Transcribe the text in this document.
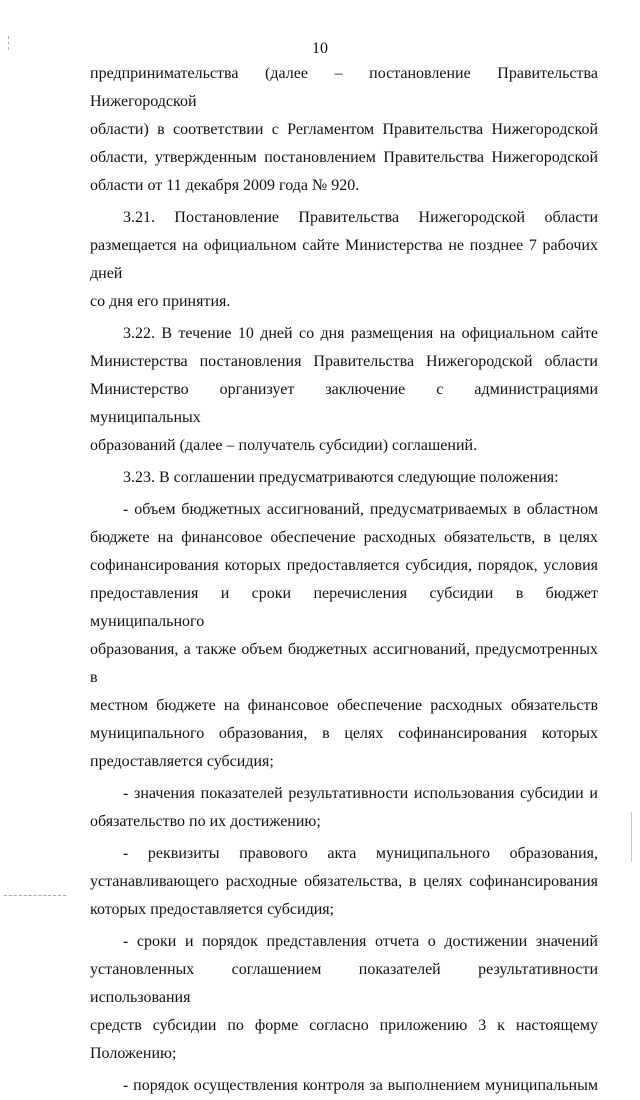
10

предпринимательства (далее – постановление Правительства Нижегородской

области) в соответствии с Регламентом Правительства Нижегородской

области, утвержденным постановлением Правительства Нижегородской

области от 11 декабря 2009 года № 920.

3.21. Постановление Правительства Нижегородской области

размещается на официальном сайте Министерства не позднее 7 рабочих дней

со дня его принятия.

3.22. В течение 10 дней со дня размещения на официальном сайте

Министерства постановления Правительства Нижегородской области

Министерство организует заключение с администрациями муниципальных

образований (далее – получатель субсидии) соглашений.

3.23. В соглашении предусматриваются следующие положения:

- объем бюджетных ассигнований, предусматриваемых в областном

бюджете на финансовое обеспечение расходных обязательств, в целях

софинансирования которых предоставляется субсидия, порядок, условия

предоставления и сроки перечисления субсидии в бюджет муниципального

образования, а также объем бюджетных ассигнований, предусмотренных в

местном бюджете на финансовое обеспечение расходных обязательств

муниципального образования, в целях софинансирования которых

предоставляется субсидия;

- значения показателей результативности использования субсидии и

обязательство по их достижению;

- реквизиты правового акта муниципального образования,

устанавливающего расходные обязательства, в целях софинансирования

которых предоставляется субсидия;

- сроки и порядок представления отчета о достижении значений

установленных соглашением показателей результативности использования

средств субсидии по форме согласно приложению 3 к настоящему

Положению;

- порядок осуществления контроля за выполнением муниципальным
